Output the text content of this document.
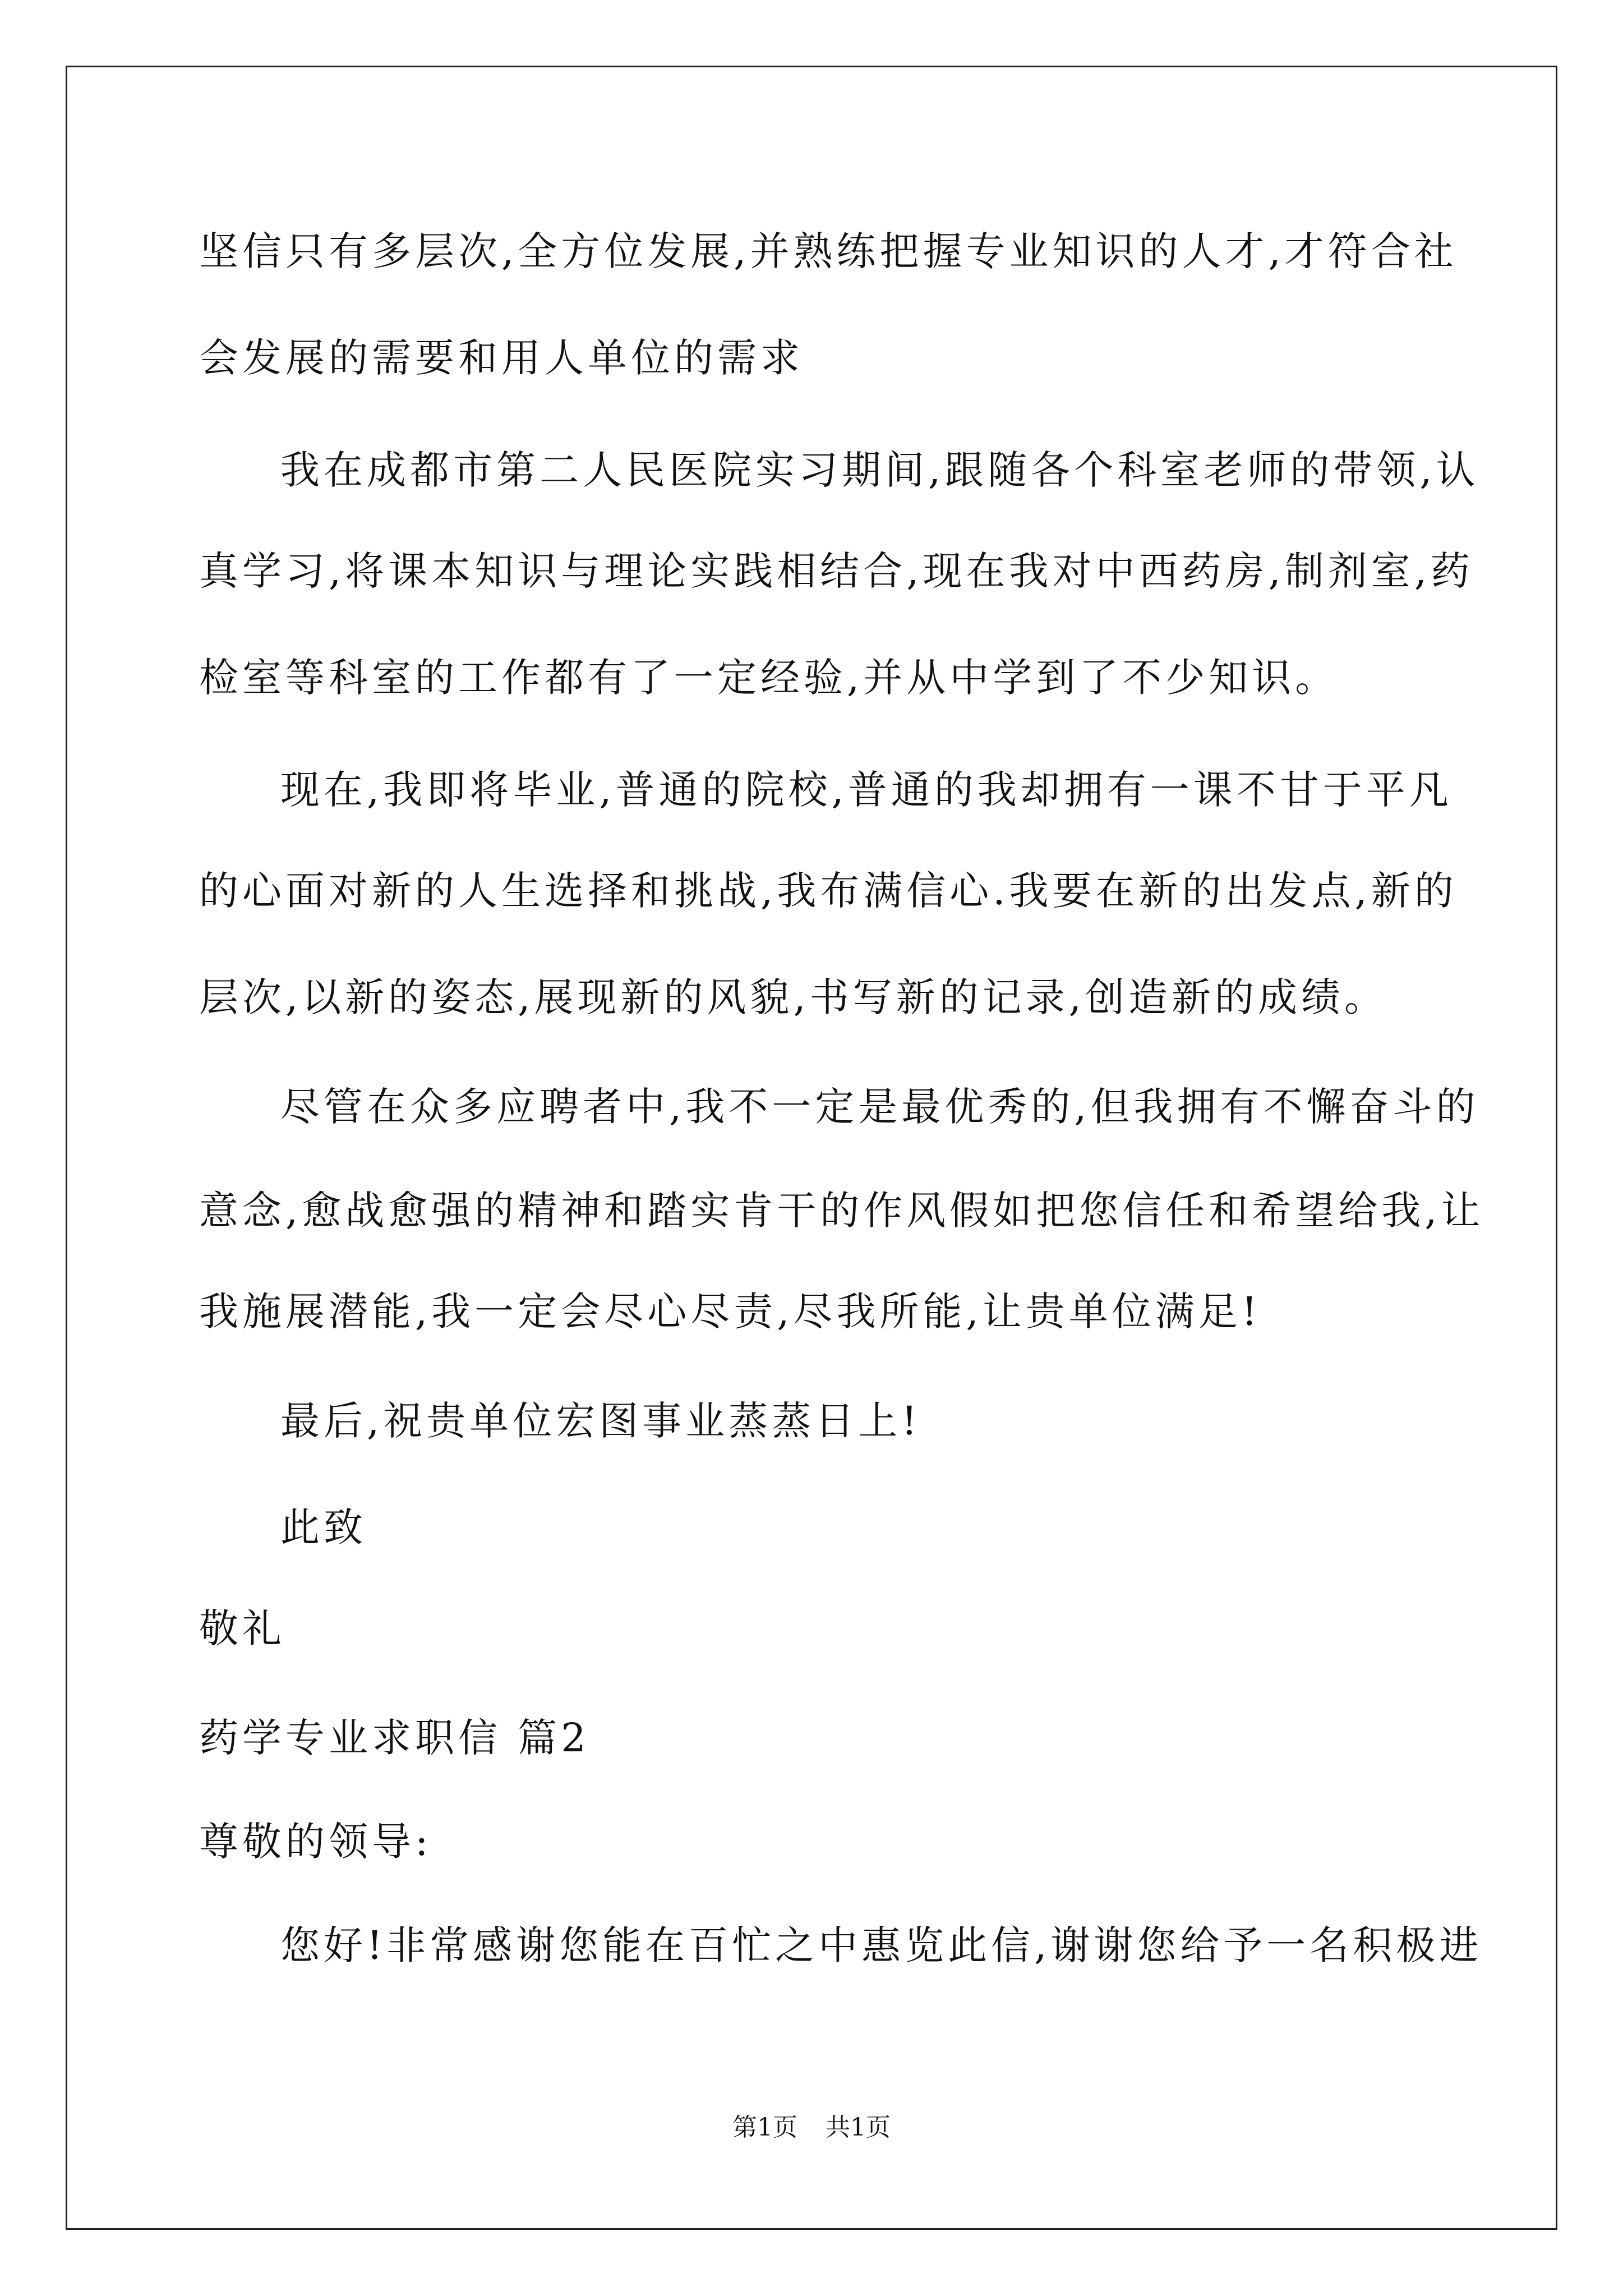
坚信只有多层次,全方位发展,并熟练把握专业知识的人才,才符合社
会发展的需要和用人单位的需求
我在成都市第二人民医院实习期间,跟随各个科室老师的带领,认
真学习,将课本知识与理论实践相结合,现在我对中西药房,制剂室,药
检室等科室的工作都有了一定经验,并从中学到了不少知识。
现在,我即将毕业,普通的院校,普通的我却拥有一课不甘于平凡
的心面对新的人生选择和挑战,我布满信心.我要在新的出发点,新的
层次,以新的姿态,展现新的风貌,书写新的记录,创造新的成绩。
尽管在众多应聘者中,我不一定是最优秀的,但我拥有不懈奋斗的
意念,愈战愈强的精神和踏实肯干的作风假如把您信任和希望给我,让
我施展潜能,我一定会尽心尽责,尽我所能,让贵单位满足!
最后,祝贵单位宏图事业蒸蒸日上!
此致
敬礼
药学专业求职信 篇2
尊敬的领导:
您好!非常感谢您能在百忙之中惠览此信,谢谢您给予一名积极进
第1页 共1页
